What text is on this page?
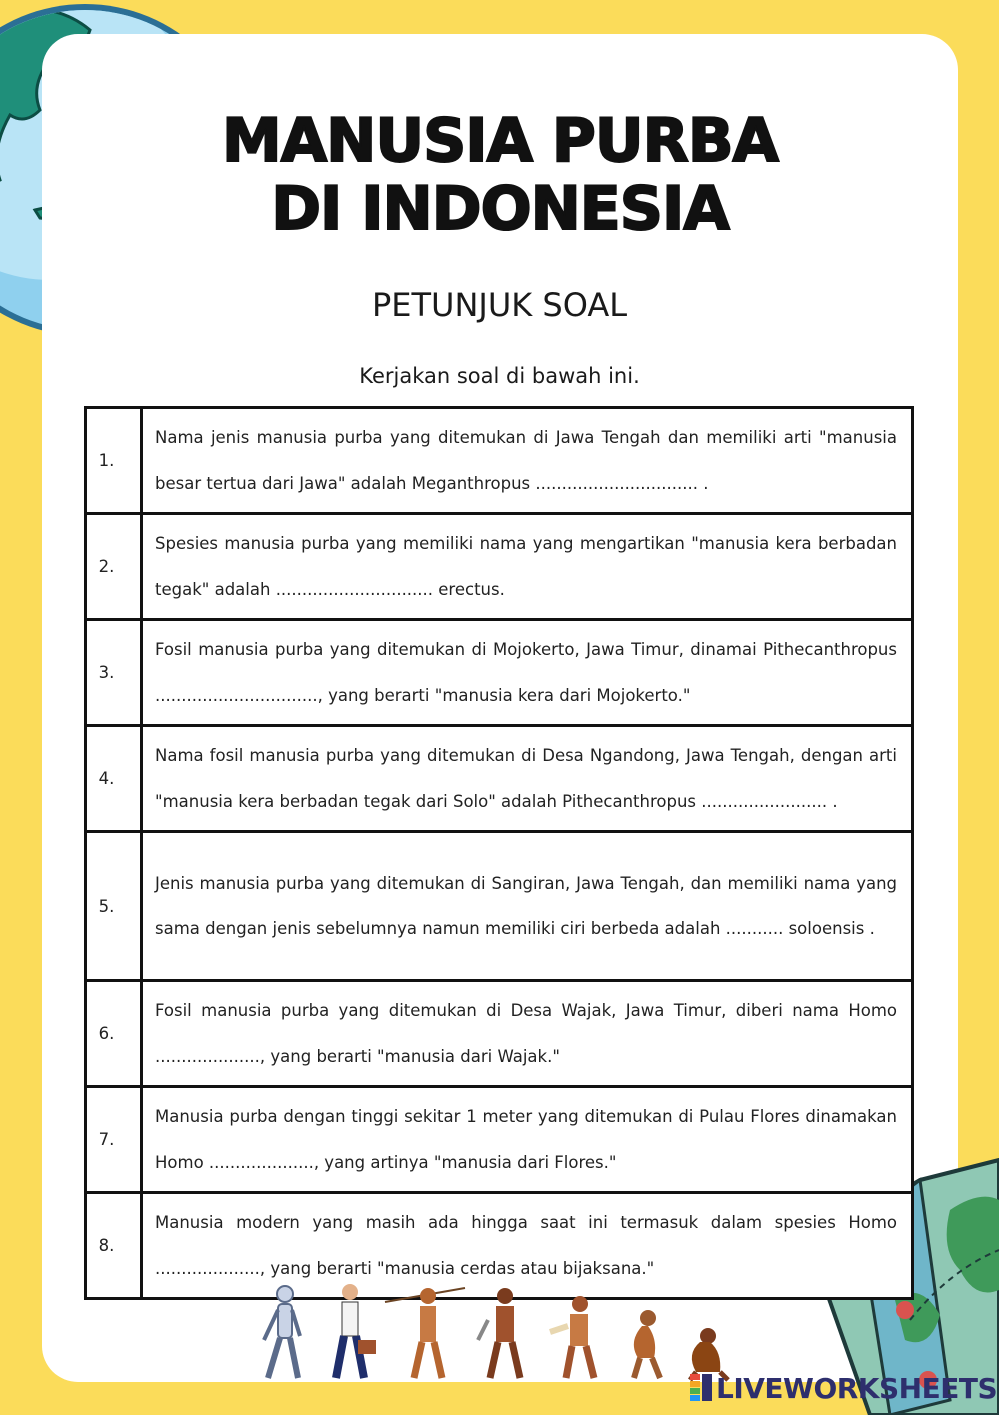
MANUSIA PURBA
DI INDONESIA
PETUNJUK SOAL
Kerjakan soal di bawah ini.
1.	Nama jenis manusia purba yang ditemukan di Jawa Tengah dan memiliki arti "manusia besar tertua dari Jawa" adalah Meganthropus ............................... .
2.	Spesies manusia purba yang memiliki nama yang mengartikan "manusia kera berbadan tegak" adalah .............................. erectus.
3.	Fosil manusia purba yang ditemukan di Mojokerto, Jawa Timur, dinamai Pithecanthropus ..............................., yang berarti "manusia kera dari Mojokerto."
4.	Nama fosil manusia purba yang ditemukan di Desa Ngandong, Jawa Tengah, dengan arti "manusia kera berbadan tegak dari Solo" adalah Pithecanthropus ........................ .
5.	Jenis manusia purba yang ditemukan di Sangiran, Jawa Tengah, dan memiliki nama yang sama dengan jenis sebelumnya namun memiliki ciri berbeda adalah ........... soloensis .
6.	Fosil manusia purba yang ditemukan di Desa Wajak, Jawa Timur, diberi nama Homo ...................., yang berarti "manusia dari Wajak."
7.	Manusia purba dengan tinggi sekitar 1 meter yang ditemukan di Pulau Flores dinamakan Homo ...................., yang artinya "manusia dari Flores."
8.	Manusia modern yang masih ada hingga saat ini termasuk dalam spesies Homo ...................., yang berarti "manusia cerdas atau bijaksana."
LIVEWORKSHEETS
